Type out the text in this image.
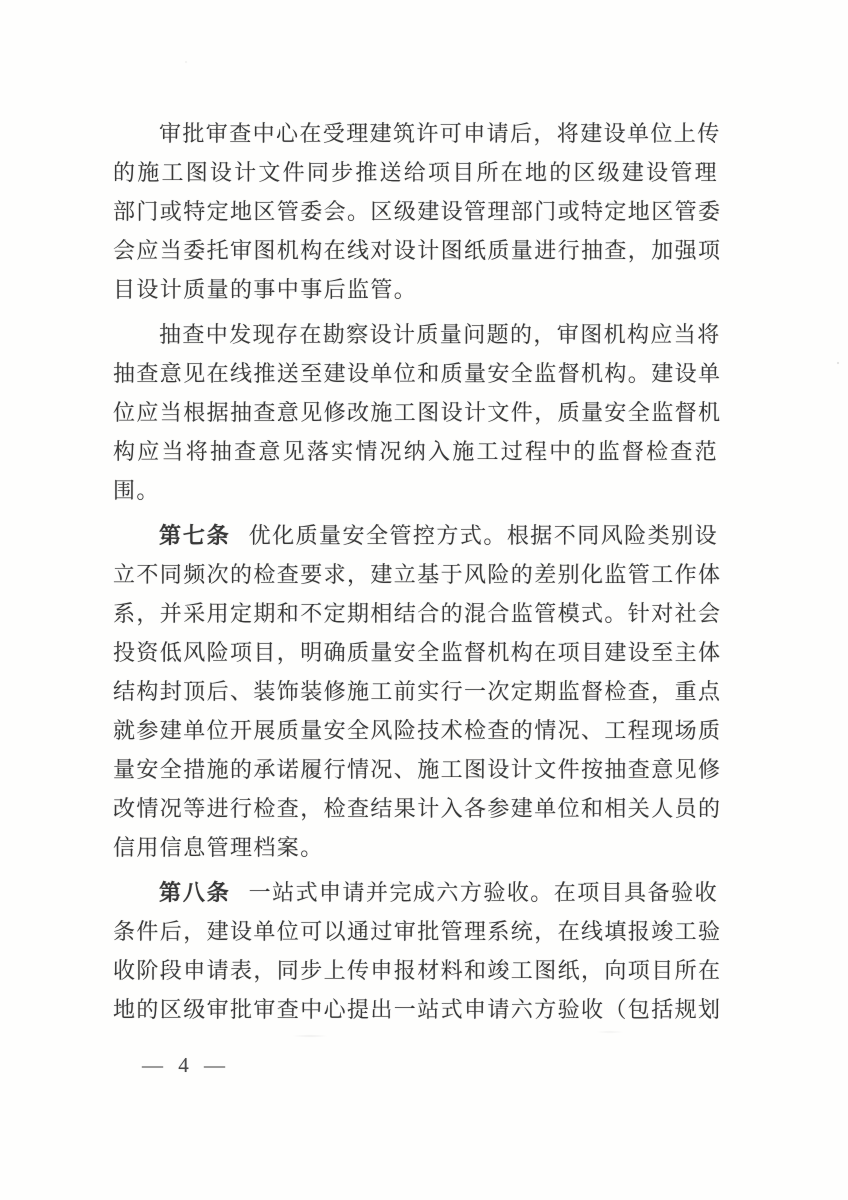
审批审查中心在受理建筑许可申请后，将建设单位上传
的施工图设计文件同步推送给项目所在地的区级建设管理
部门或特定地区管委会。区级建设管理部门或特定地区管委
会应当委托审图机构在线对设计图纸质量进行抽查，加强项
目设计质量的事中事后监管。
抽查中发现存在勘察设计质量问题的，审图机构应当将
抽查意见在线推送至建设单位和质量安全监督机构。建设单
位应当根据抽查意见修改施工图设计文件，质量安全监督机
构应当将抽查意见落实情况纳入施工过程中的监督检查范
围。
第七条 优化质量安全管控方式。根据不同风险类别设
立不同频次的检查要求，建立基于风险的差别化监管工作体
系，并采用定期和不定期相结合的混合监管模式。针对社会
投资低风险项目，明确质量安全监督机构在项目建设至主体
结构封顶后、装饰装修施工前实行一次定期监督检查，重点
就参建单位开展质量安全风险技术检查的情况、工程现场质
量安全措施的承诺履行情况、施工图设计文件按抽查意见修
改情况等进行检查，检查结果计入各参建单位和相关人员的
信用信息管理档案。
第八条 一站式申请并完成六方验收。在项目具备验收
条件后，建设单位可以通过审批管理系统，在线填报竣工验
收阶段申请表，同步上传申报材料和竣工图纸，向项目所在
地的区级审批审查中心提出一站式申请六方验收（包括规划
— 4 —
